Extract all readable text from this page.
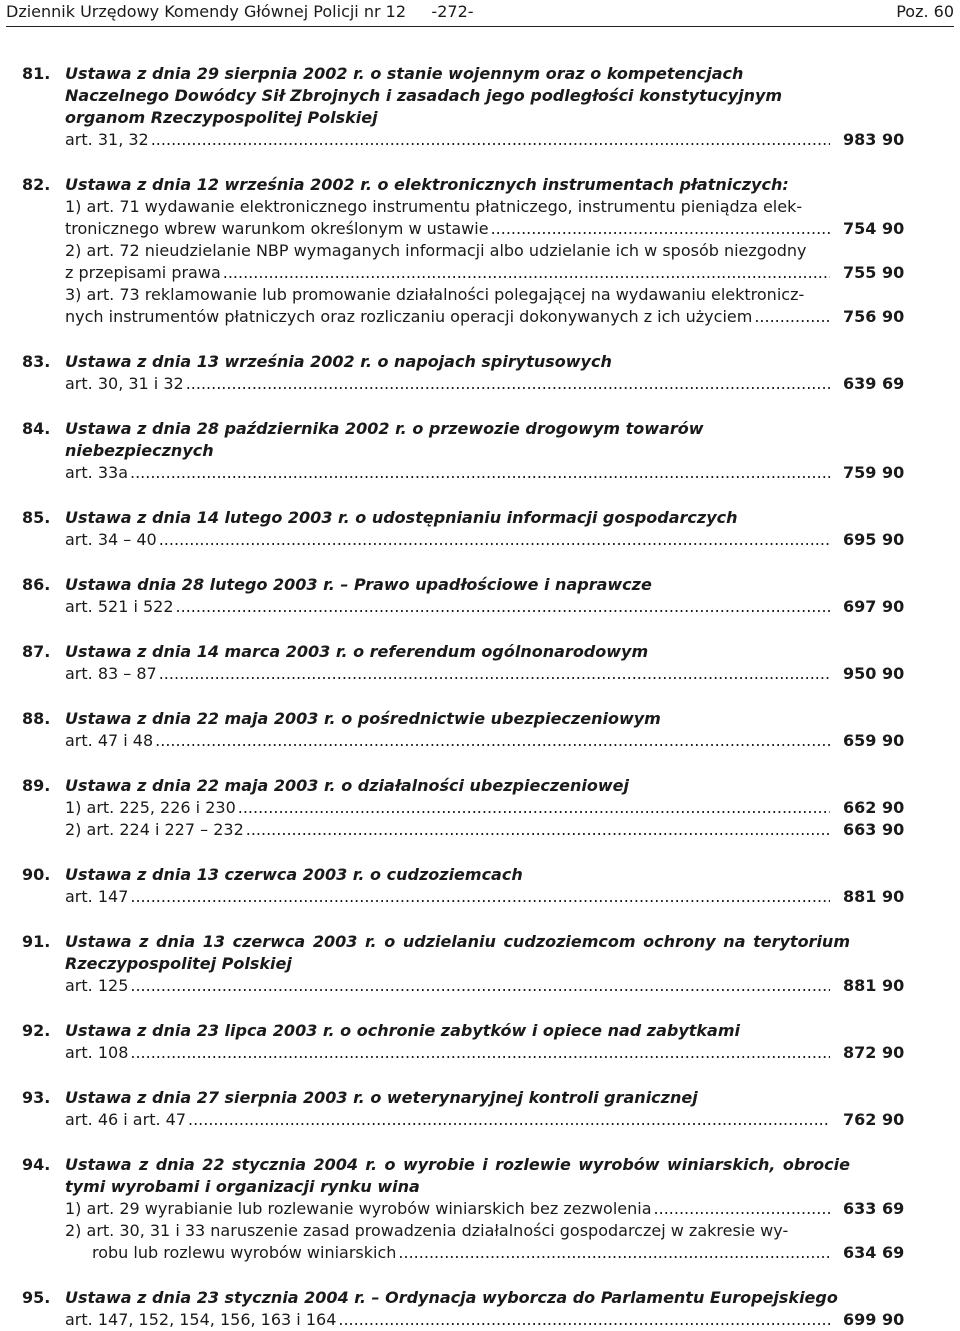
Dziennik Urzędowy Komendy Głównej Policji nr 12     -272-	Poz. 60
81. Ustawa z dnia 29 sierpnia 2002 r. o stanie wojennym oraz o kompetencjach Naczelnego Dowódcy Sił Zbrojnych i zasadach jego podległości konstytucyjnym organom Rzeczypospolitej Polskiej
art. 31, 32 .....	983 90
82. Ustawa z dnia 12 września 2002 r. o elektronicznych instrumentach płatniczych:
1) art. 71 wydawanie elektronicznego instrumentu płatniczego, instrumentu pieniądza elek-
tronicznego wbrew warunkom określonym w ustawie .....	754 90
2) art. 72 nieudzielanie NBP wymaganych informacji albo udzielanie ich w sposób niezgodny
z przepisami prawa .....	755 90
3) art. 73 reklamowanie lub promowanie działalności polegającej na wydawaniu elektronicz-
nych instrumentów płatniczych oraz rozliczaniu operacji dokonywanych z ich użyciem .....	756 90
83. Ustawa z dnia 13 września 2002 r. o napojach spirytusowych
art. 30, 31 i 32 .....	639 69
84. Ustawa z dnia 28 października 2002 r. o przewozie drogowym towarów niebezpiecznych
art. 33a .....	759 90
85. Ustawa z dnia 14 lutego 2003 r. o udostępnianiu informacji gospodarczych
art. 34 – 40 .....	695 90
86. Ustawa dnia 28 lutego 2003 r. – Prawo upadłościowe i naprawcze
art. 521 i 522 .....	697 90
87. Ustawa z dnia 14 marca 2003 r. o referendum ogólnonarodowym
art. 83 – 87 .....	950 90
88. Ustawa z dnia 22 maja 2003 r. o pośrednictwie ubezpieczeniowym
art. 47 i 48 .....	659 90
89. Ustawa z dnia 22 maja 2003 r. o działalności ubezpieczeniowej
1) art. 225, 226 i 230 .....	662 90
2) art. 224 i 227 – 232 .....	663 90
90. Ustawa z dnia 13 czerwca 2003 r. o cudzoziemcach
art. 147 .....	881 90
91. Ustawa z dnia 13 czerwca 2003 r. o udzielaniu cudzoziemcom ochrony na terytorium Rzeczypospolitej Polskiej
art. 125 .....	881 90
92. Ustawa z dnia 23 lipca 2003 r. o ochronie zabytków i opiece nad zabytkami
art. 108 .....	872 90
93. Ustawa z dnia 27 sierpnia 2003 r. o weterynaryjnej kontroli granicznej
art. 46 i art. 47 .....	762 90
94. Ustawa z dnia 22 stycznia 2004 r. o wyrobie i rozlewie wyrobów winiarskich, obrocie tymi wyrobami i organizacji rynku wina
1) art. 29 wyrabianie lub rozlewanie wyrobów winiarskich bez zezwolenia .....	633 69
2) art. 30, 31 i 33 naruszenie zasad prowadzenia działalności gospodarczej w zakresie wy-
robu lub rozlewu wyrobów winiarskich .....	634 69
95. Ustawa z dnia 23 stycznia 2004 r. – Ordynacja wyborcza do Parlamentu Europejskiego
art. 147, 152, 154, 156, 163 i 164 .....	699 90
